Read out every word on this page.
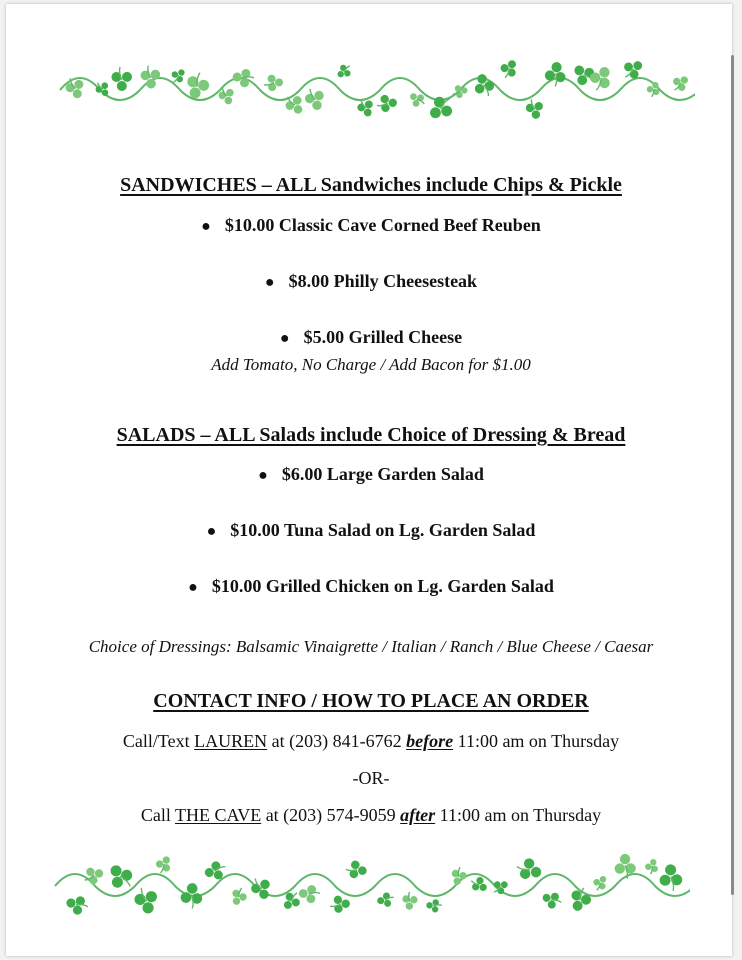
SANDWICHES – ALL Sandwiches include Chips & Pickle
● $10.00 Classic Cave Corned Beef Reuben
● $8.00 Philly Cheesesteak
● $5.00 Grilled Cheese
Add Tomato, No Charge / Add Bacon for $1.00
SALADS – ALL Salads include Choice of Dressing & Bread
● $6.00 Large Garden Salad
● $10.00 Tuna Salad on Lg. Garden Salad
● $10.00 Grilled Chicken on Lg. Garden Salad
Choice of Dressings: Balsamic Vinaigrette / Italian / Ranch / Blue Cheese / Caesar
CONTACT INFO / HOW TO PLACE AN ORDER
Call/Text LAUREN at (203) 841-6762 before 11:00 am on Thursday
-OR-
Call THE CAVE at (203) 574-9059 after 11:00 am on Thursday
